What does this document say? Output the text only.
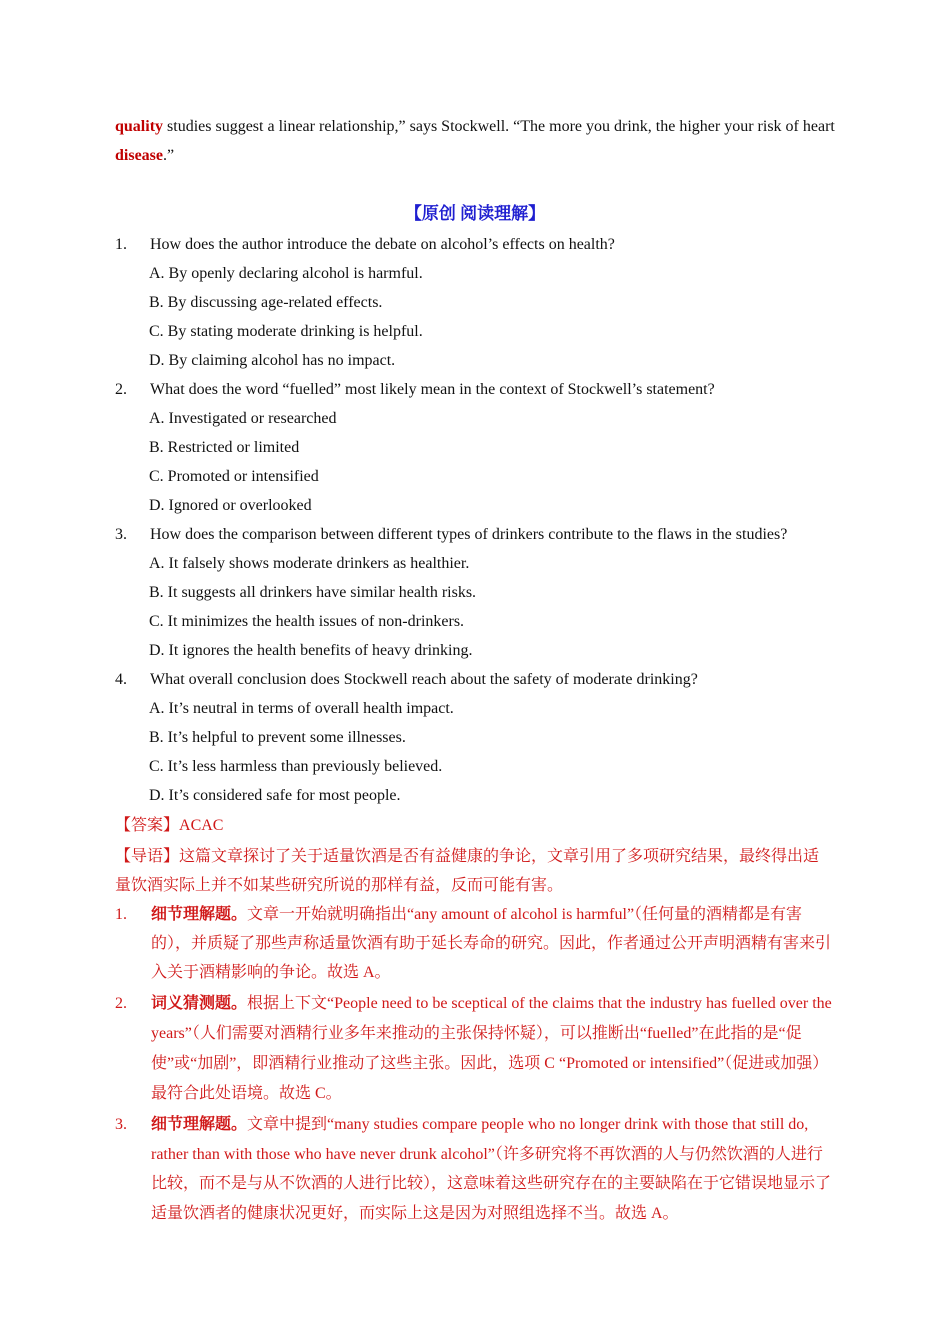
quality studies suggest a linear relationship,” says Stockwell. “The more you drink, the higher your risk of heart disease.”
【原创 阅读理解】
1. How does the author introduce the debate on alcohol’s effects on health?
A. By openly declaring alcohol is harmful.
B. By discussing age-related effects.
C. By stating moderate drinking is helpful.
D. By claiming alcohol has no impact.
2. What does the word “fuelled” most likely mean in the context of Stockwell’s statement?
A. Investigated or researched
B. Restricted or limited
C. Promoted or intensified
D. Ignored or overlooked
3. How does the comparison between different types of drinkers contribute to the flaws in the studies?
A. It falsely shows moderate drinkers as healthier.
B. It suggests all drinkers have similar health risks.
C. It minimizes the health issues of non-drinkers.
D. It ignores the health benefits of heavy drinking.
4. What overall conclusion does Stockwell reach about the safety of moderate drinking?
A. It’s neutral in terms of overall health impact.
B. It’s helpful to prevent some illnesses.
C. It’s less harmless than previously believed.
D. It’s considered safe for most people.
【答案】ACAC
【导语】这篇文章探讨了关于适量饮酒是否有益健康的争论，文章引用了多项研究结果，最终得出适量饮酒实际上并不如某些研究所说的那样有益，反而可能有害。
1. 细节理解题。文章一开始就明确指出“any amount of alcohol is harmful”（任何量的酒精都是有害的），并质疑了那些声称适量饮酒有助于延长寿命的研究。因此，作者通过公开声明酒精有害来引入关于酒精影响的争论。故选 A。
2. 词义猜测题。根据上下文“People need to be sceptical of the claims that the industry has fuelled over the years”（人们需要对酒精行业多年来推动的主张保持怀疑），可以推断出“fuelled”在此指的是“促使”或“加剧”，即酒精行业推动了这些主张。因此，选项 C “Promoted or intensified”（促进或加强）最符合此处语境。故选 C。
3. 细节理解题。文章中提到“many studies compare people who no longer drink with those that still do, rather than with those who have never drunk alcohol”（许多研究将不再饮酒的人与仍然饮酒的人进行比较，而不是与从不饮酒的人进行比较），这意味着这些研究存在的主要缺陷在于它错误地显示了适量饮酒者的健康状况更好，而实际上这是因为对照组选择不当。故选 A。
